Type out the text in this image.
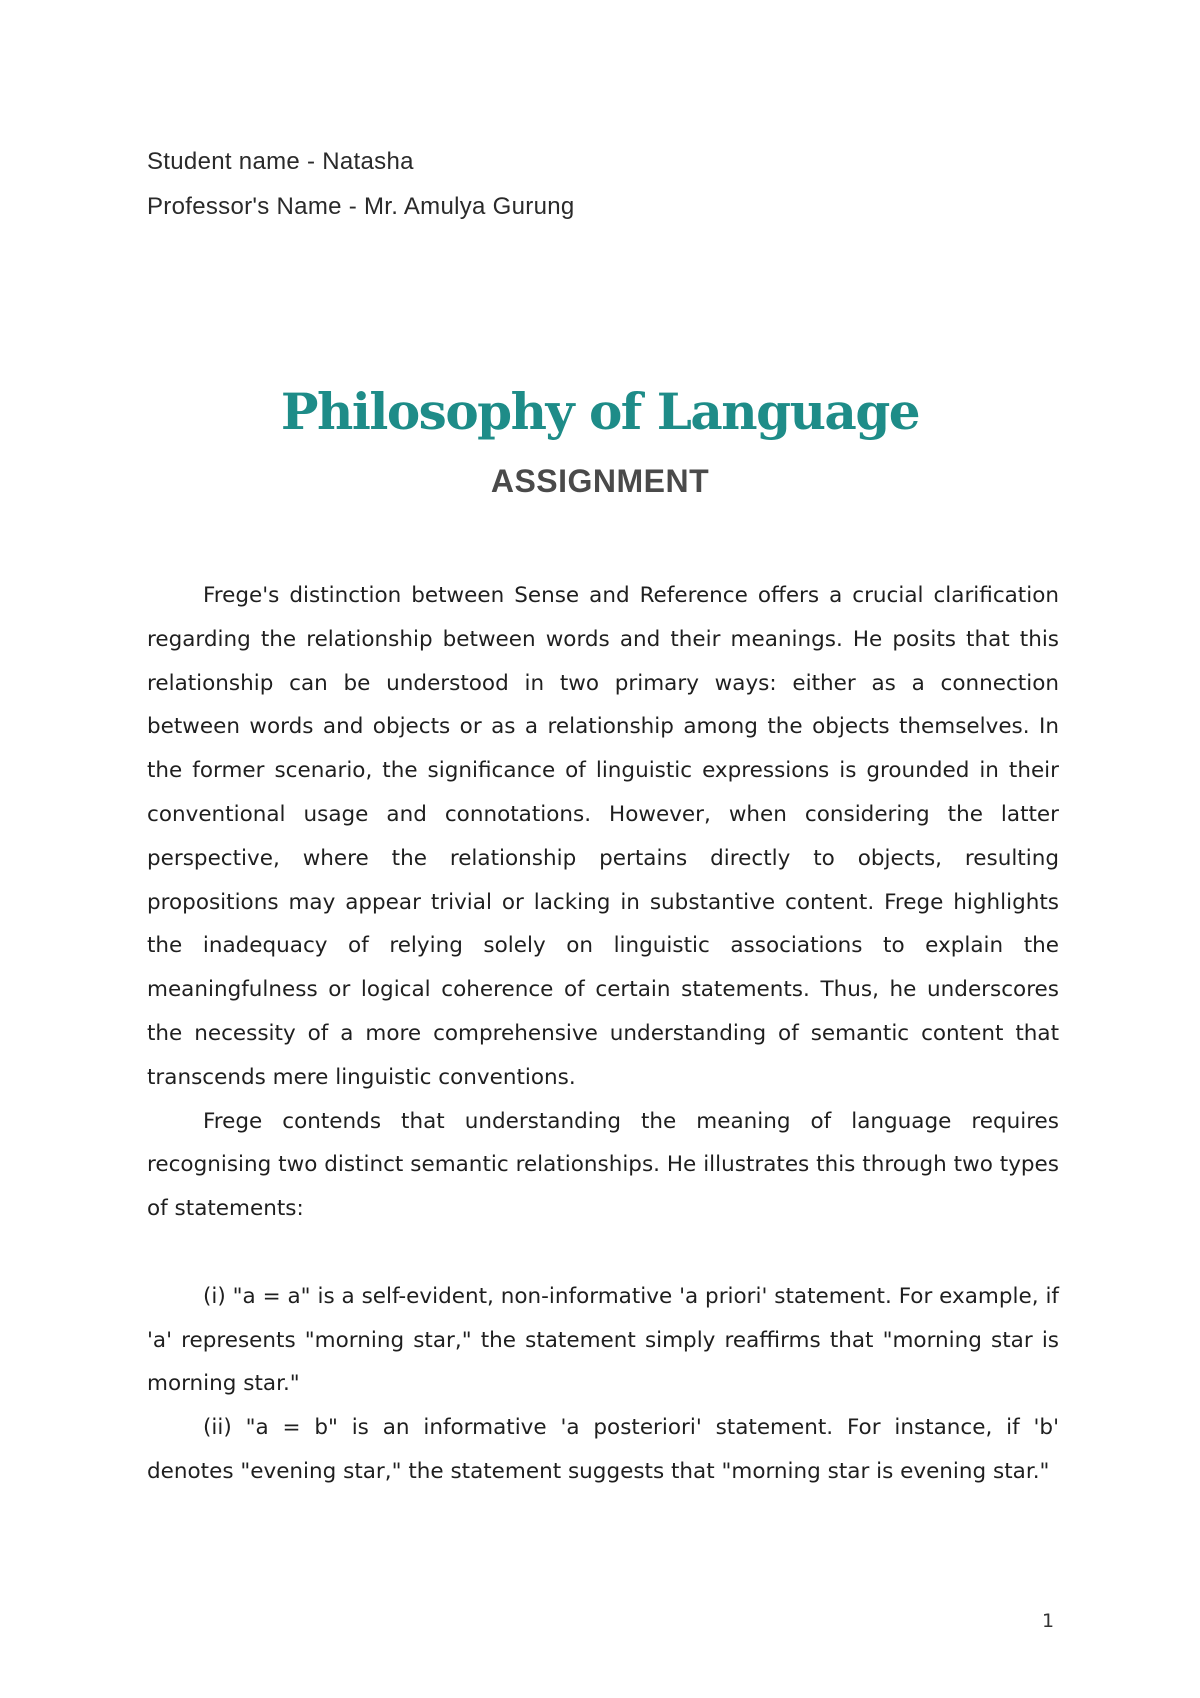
Student name - Natasha
Professor's Name - Mr. Amulya Gurung
Philosophy of Language
ASSIGNMENT

Frege's distinction between Sense and Reference offers a crucial clarification regarding the relationship between words and their meanings. He posits that this relationship can be understood in two primary ways: either as a connection between words and objects or as a relationship among the objects themselves. In the former scenario, the significance of linguistic expressions is grounded in their conventional usage and connotations. However, when considering the latter perspective, where the relationship pertains directly to objects, resulting propositions may appear trivial or lacking in substantive content. Frege highlights the inadequacy of relying solely on linguistic associations to explain the meaningfulness or logical coherence of certain statements. Thus, he underscores the necessity of a more comprehensive understanding of semantic content that transcends mere linguistic conventions.

Frege contends that understanding the meaning of language requires recognising two distinct semantic relationships. He illustrates this through two types of statements:

(i) "a = a" is a self-evident, non-informative 'a priori' statement. For example, if 'a' represents "morning star," the statement simply reaffirms that "morning star is morning star."

(ii) "a = b" is an informative 'a posteriori' statement. For instance, if 'b' denotes "evening star," the statement suggests that "morning star is evening star."

1
